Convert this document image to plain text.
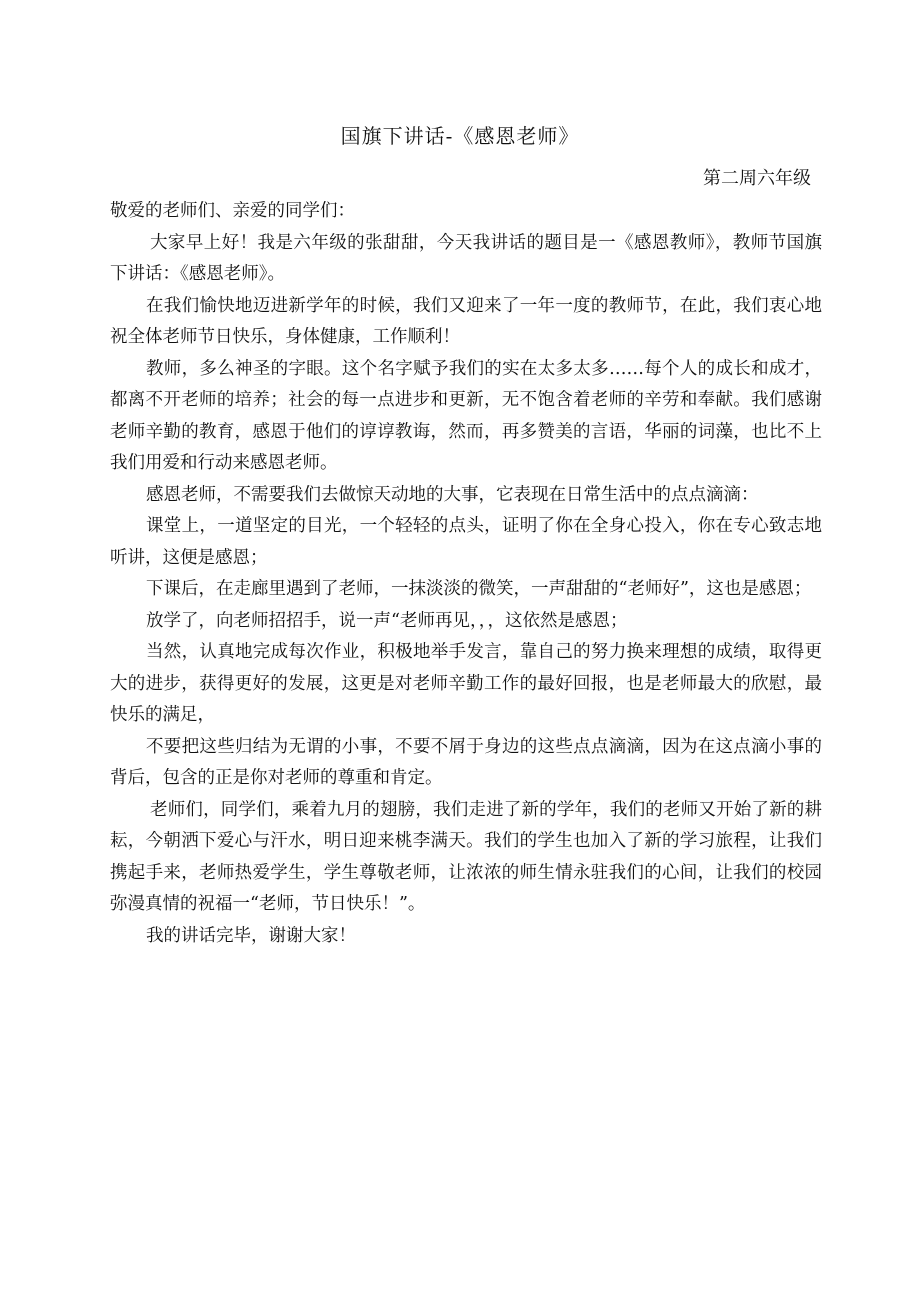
国旗下讲话-《感恩老师》
第二周六年级

敬爱的老师们、亲爱的同学们：

大家早上好！我是六年级的张甜甜，今天我讲话的题目是一《感恩教师》，教师节国旗下讲话：《感恩老师》。

在我们愉快地迈进新学年的时候，我们又迎来了一年一度的教师节，在此，我们衷心地祝全体老师节日快乐，身体健康，工作顺利！

教师，多么神圣的字眼。这个名字赋予我们的实在太多太多……每个人的成长和成才，都离不开老师的培养；社会的每一点进步和更新，无不饱含着老师的辛劳和奉献。我们感谢老师辛勤的教育，感恩于他们的谆谆教诲，然而，再多赞美的言语，华丽的词藻，也比不上我们用爱和行动来感恩老师。

感恩老师，不需要我们去做惊天动地的大事，它表现在日常生活中的点点滴滴：

课堂上，一道坚定的目光，一个轻轻的点头，证明了你在全身心投入，你在专心致志地听讲，这便是感恩；

下课后，在走廊里遇到了老师，一抹淡淡的微笑，一声甜甜的“老师好”，这也是感恩；

放学了，向老师招招手，说一声“老师再见，，，这依然是感恩；

当然，认真地完成每次作业，积极地举手发言，靠自己的努力换来理想的成绩，取得更大的进步，获得更好的发展，这更是对老师辛勤工作的最好回报，也是老师最大的欣慰，最快乐的满足，

不要把这些归结为无谓的小事，不要不屑于身边的这些点点滴滴，因为在这点滴小事的背后，包含的正是你对老师的尊重和肯定。

老师们，同学们，乘着九月的翅膀，我们走进了新的学年，我们的老师又开始了新的耕耘，今朝洒下爱心与汗水，明日迎来桃李满天。我们的学生也加入了新的学习旅程，让我们携起手来，老师热爱学生，学生尊敬老师，让浓浓的师生情永驻我们的心间，让我们的校园弥漫真情的祝福一“老师，节日快乐！”。

我的讲话完毕，谢谢大家！
